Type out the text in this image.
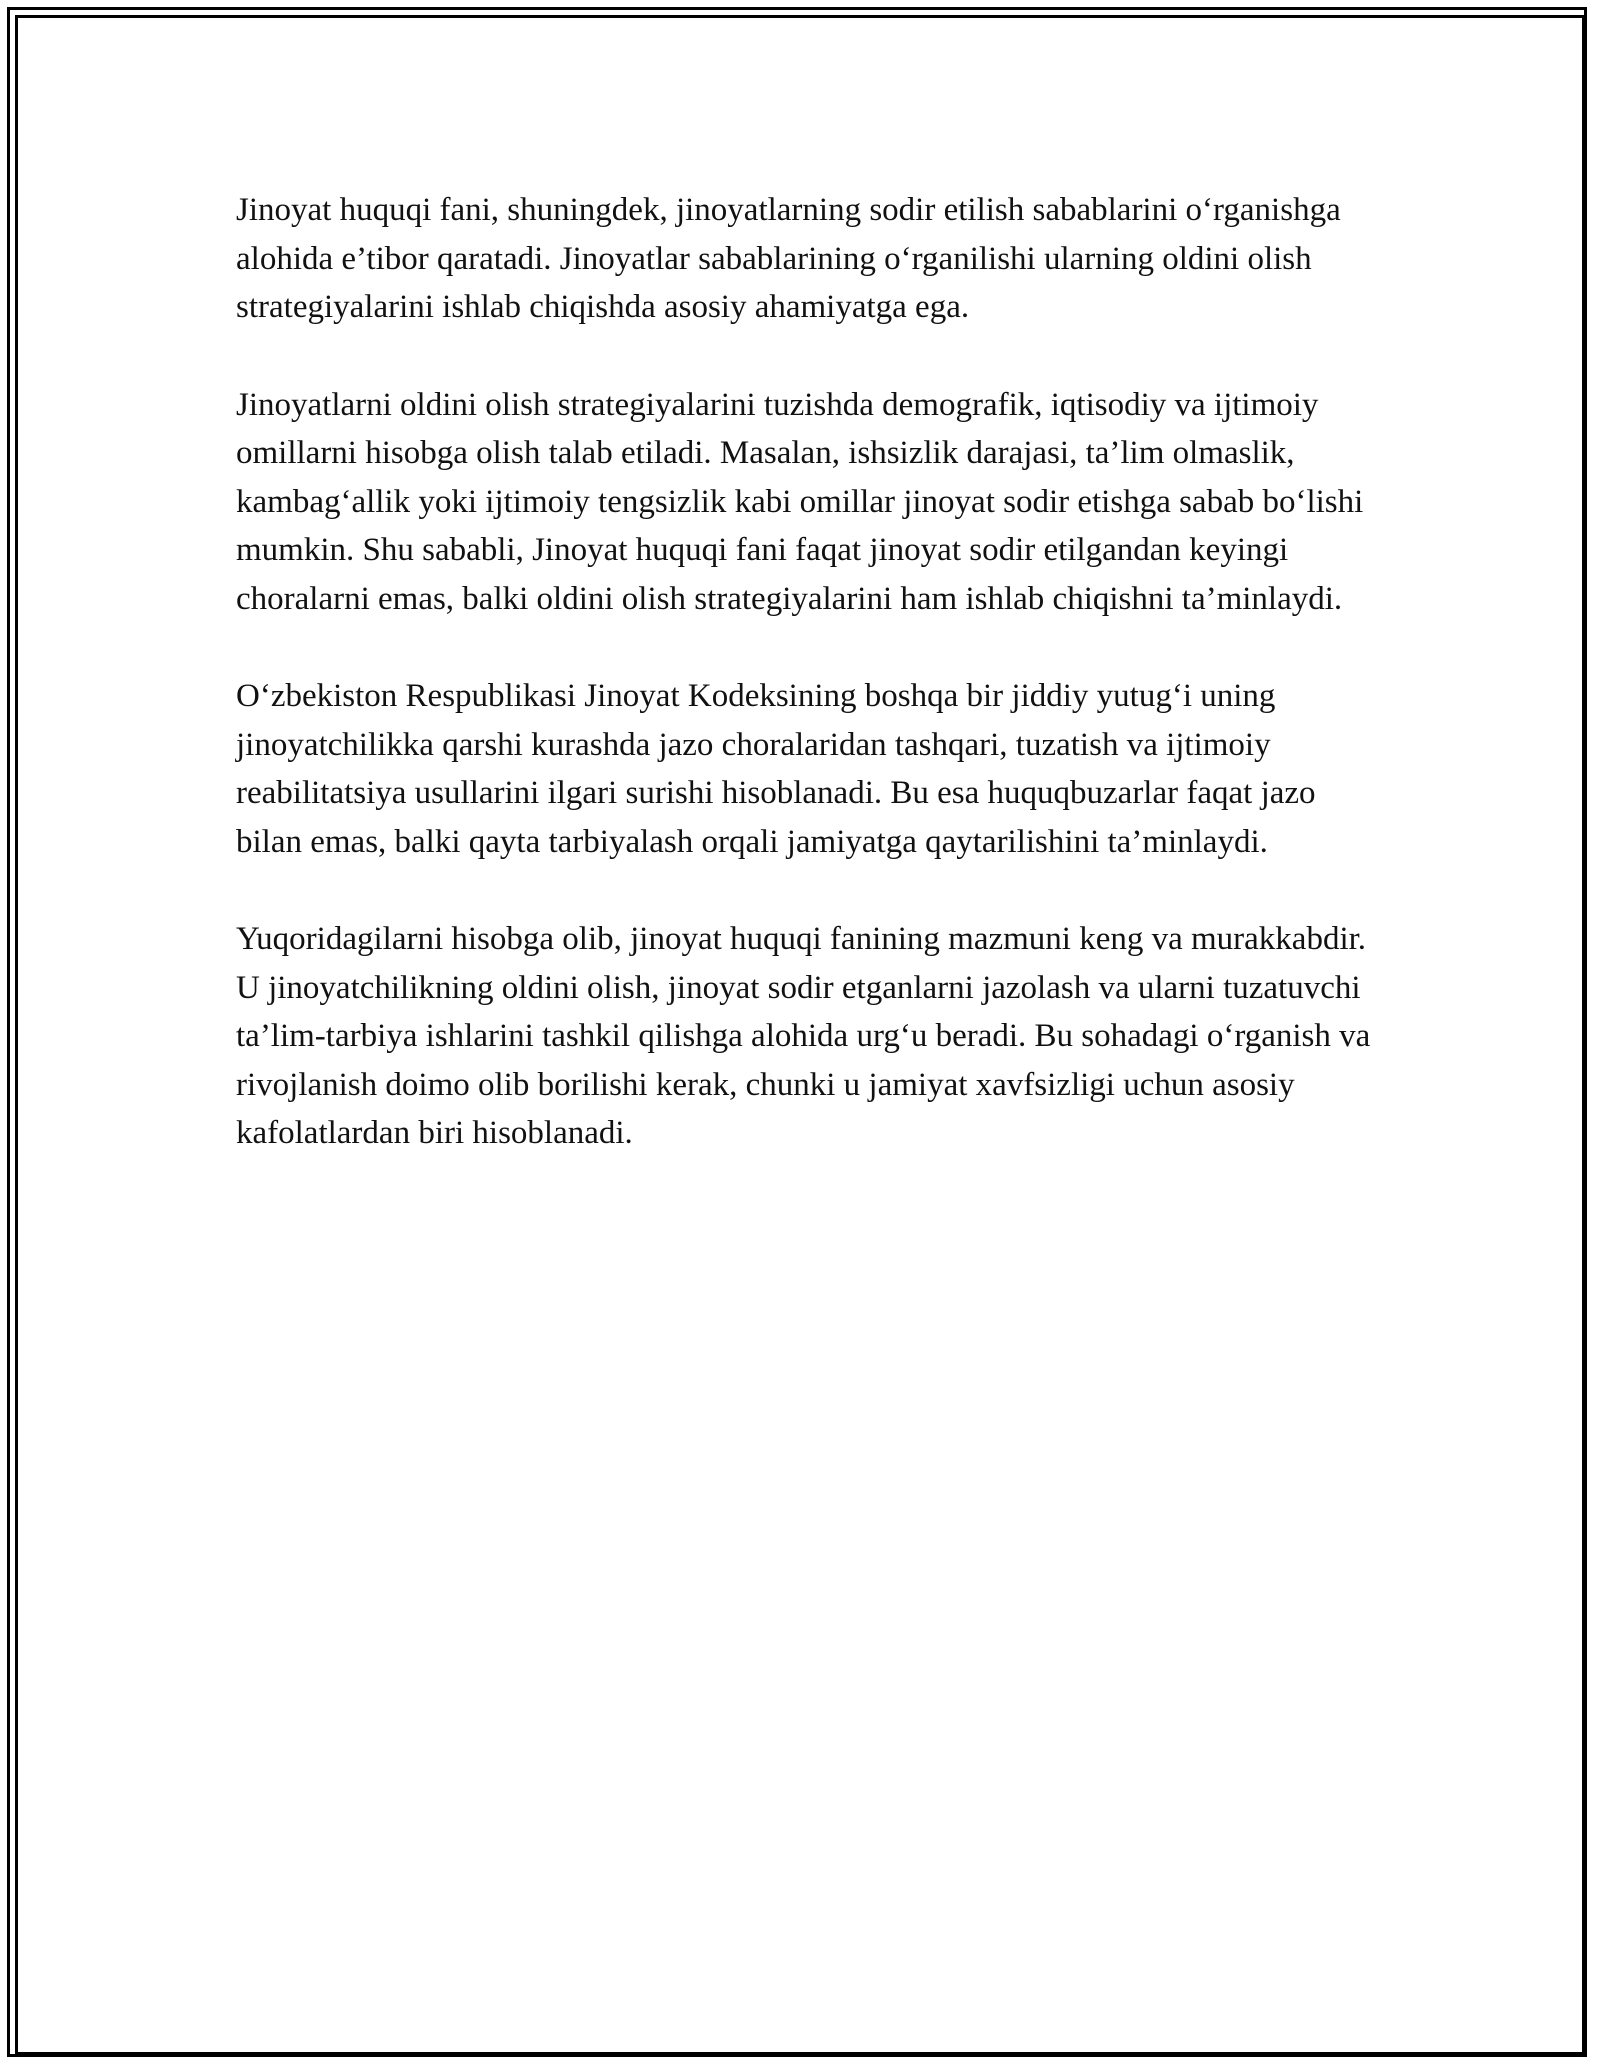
Jinoyat huquqi fani, shuningdek, jinoyatlarning sodir etilish sabablarini o‘rganishga alohida e’tibor qaratadi. Jinoyatlar sabablarining o‘rganilishi ularning oldini olish strategiyalarini ishlab chiqishda asosiy ahamiyatga ega.

Jinoyatlarni oldini olish strategiyalarini tuzishda demografik, iqtisodiy va ijtimoiy omillarni hisobga olish talab etiladi. Masalan, ishsizlik darajasi, ta’lim olmaslik, kambag‘allik yoki ijtimoiy tengsizlik kabi omillar jinoyat sodir etishga sabab bo‘lishi mumkin. Shu sababli, Jinoyat huquqi fani faqat jinoyat sodir etilgandan keyingi choralarni emas, balki oldini olish strategiyalarini ham ishlab chiqishni ta’minlaydi.

O‘zbekiston Respublikasi Jinoyat Kodeksining boshqa bir jiddiy yutug‘i uning jinoyatchilikka qarshi kurashda jazo choralaridan tashqari, tuzatish va ijtimoiy reabilitatsiya usullarini ilgari surishi hisoblanadi. Bu esa huquqbuzarlar faqat jazo bilan emas, balki qayta tarbiyalash orqali jamiyatga qaytarilishini ta’minlaydi.

Yuqoridagilarni hisobga olib, jinoyat huquqi fanining mazmuni keng va murakkabdir. U jinoyatchilikning oldini olish, jinoyat sodir etganlarni jazolash va ularni tuzatuvchi ta’lim-tarbiya ishlarini tashkil qilishga alohida urg‘u beradi. Bu sohadagi o‘rganish va rivojlanish doimo olib borilishi kerak, chunki u jamiyat xavfsizligi uchun asosiy kafolatlardan biri hisoblanadi.
